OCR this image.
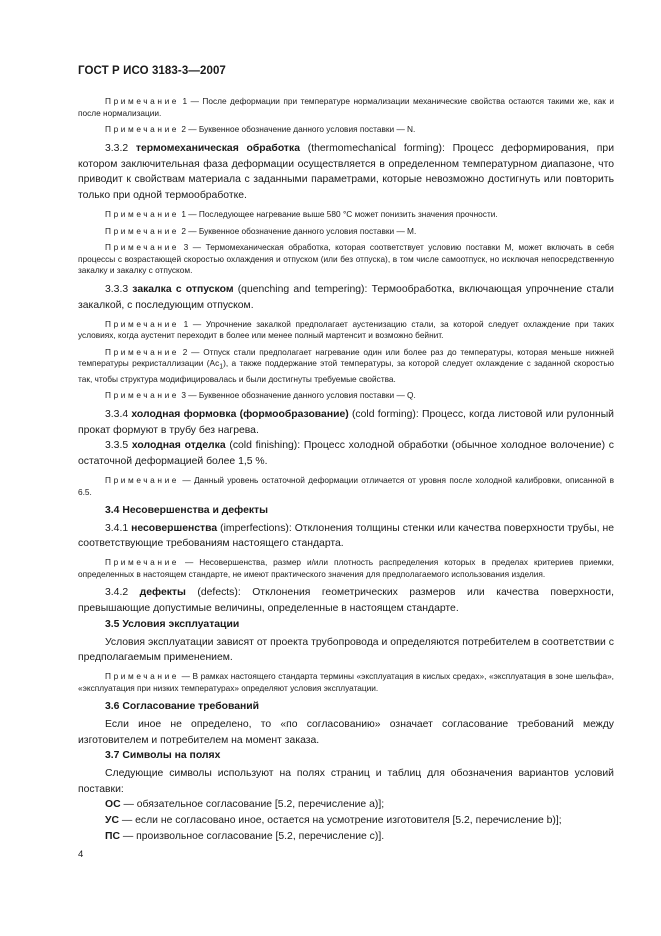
ГОСТ Р ИСО 3183-3—2007

Примечание 1 — После деформации при температуре нормализации механические свойства остаются такими же, как и после нормализации.

Примечание 2 — Буквенное обозначение данного условия поставки — N.

3.3.2 термомеханическая обработка (thermomechanical forming): Процесс деформирования, при котором заключительная фаза деформации осуществляется в определенном температурном диапазоне, что приводит к свойствам материала с заданными параметрами, которые невозможно достигнуть или повторить только при одной термообработке.

Примечание 1 — Последующее нагревание выше 580 °С может понизить значения прочности.

Примечание 2 — Буквенное обозначение данного условия поставки — M.

Примечание 3 — Термомеханическая обработка, которая соответствует условию поставки M, может включать в себя процессы с возрастающей скоростью охлаждения и отпуском (или без отпуска), в том числе самоотпуск, но исключая непосредственную закалку и закалку с отпуском.

3.3.3 закалка с отпуском (quenching and tempering): Термообработка, включающая упрочнение стали закалкой, с последующим отпуском.

Примечание 1 — Упрочнение закалкой предполагает аустенизацию стали, за которой следует охлаждение при таких условиях, когда аустенит переходит в более или менее полный мартенсит и возможно бейнит.

Примечание 2 — Отпуск стали предполагает нагревание один или более раз до температуры, которая меньше нижней температуры рекристаллизации $(Ас_1)$, а также поддержание этой температуры, за которой следует охлаждение с заданной скоростью так, чтобы структура модифицировалась и были достигнуты требуемые свойства.

Примечание 3 — Буквенное обозначение данного условия поставки — Q.

3.3.4 холодная формовка (формообразование) (cold forming): Процесс, когда листовой или рулонный прокат формуют в трубу без нагрева.

3.3.5 холодная отделка (cold finishing): Процесс холодной обработки (обычное холодное волочение) с остаточной деформацией более 1,5 %.

Примечание — Данный уровень остаточной деформации отличается от уровня после холодной калибровки, описанной в 6.5.

3.4 Несовершенства и дефекты

3.4.1 несовершенства (imperfections): Отклонения толщины стенки или качества поверхности трубы, не соответствующие требованиям настоящего стандарта.

Примечание — Несовершенства, размер и/или плотность распределения которых в пределах критериев приемки, определенных в настоящем стандарте, не имеют практического значения для предполагаемого использования изделия.

3.4.2 дефекты (defects): Отклонения геометрических размеров или качества поверхности, превышающие допустимые величины, определенные в настоящем стандарте.

3.5 Условия эксплуатации

Условия эксплуатации зависят от проекта трубопровода и определяются потребителем в соответствии с предполагаемым применением.

Примечание — В рамках настоящего стандарта термины «эксплуатация в кислых средах», «эксплуатация в зоне шельфа», «эксплуатация при низких температурах» определяют условия эксплуатации.

3.6 Согласование требований

Если иное не определено, то «по согласованию» означает согласование требований между изготовителем и потребителем на момент заказа.

3.7 Символы на полях

Следующие символы используют на полях страниц и таблиц для обозначения вариантов условий поставки:

ОС — обязательное согласование [5.2, перечисление а)];

УС — если не согласовано иное, остается на усмотрение изготовителя [5.2, перечисление b)];

ПС — произвольное согласование [5.2, перечисление с)].

4
